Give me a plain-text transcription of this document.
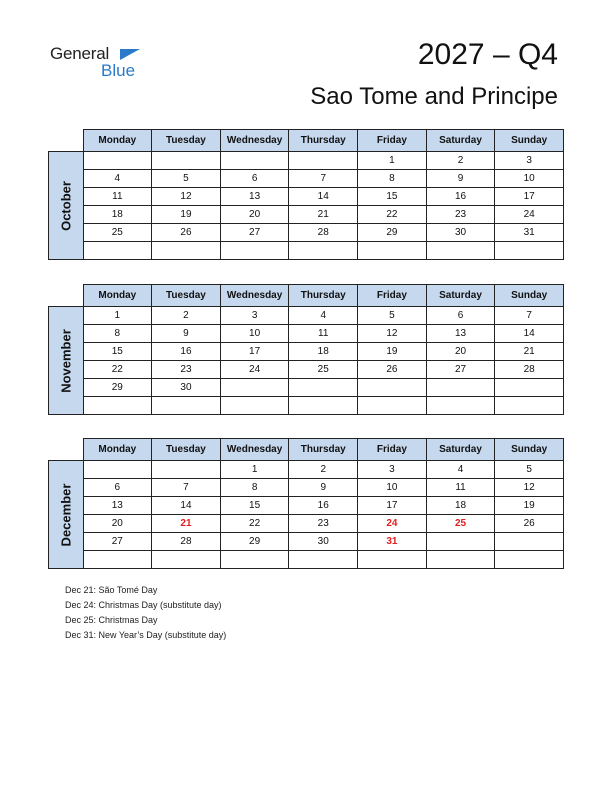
General
Blue	2027 – Q4
Sao Tome and Principe
	Monday	Tuesday	Wednesday	Thursday	Friday	Saturday	Sunday

October					1	2	3
	4	5	6	7	8	9	10
	11	12	13	14	15	16	17
	18	19	20	21	22	23	24
	25	26	27	28	29	30	31

	Monday	Tuesday	Wednesday	Thursday	Friday	Saturday	Sunday

November	1	2	3	4	5	6	7
	8	9	10	11	12	13	14
	15	16	17	18	19	20	21
	22	23	24	25	26	27	28
	29	30					

	Monday	Tuesday	Wednesday	Thursday	Friday	Saturday	Sunday

December			1	2	3	4	5
	6	7	8	9	10	11	12
	13	14	15	16	17	18	19
	20	21	22	23	24	25	26
	27	28	29	30	31		

Dec 21: São Tomé Day
Dec 24: Christmas Day (substitute day)
Dec 25: Christmas Day
Dec 31: New Year’s Day (substitute day)
